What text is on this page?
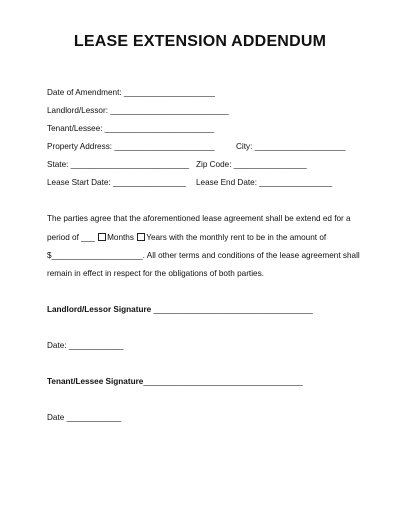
LEASE EXTENSION ADDENDUM
Date of Amendment: ____________________
Landlord/Lessor: __________________________
Tenant/Lessee: ________________________
Property Address: ______________________	City: ____________________
State: __________________________ Zip Code: ________________
Lease Start Date: ________________ Lease End Date: ________________
The parties agree that the aforementioned lease agreement shall be extend ed for a
period of ___ Months Years with the monthly rent to be in the amount of
$____________________. All other terms and conditions of the lease agreement shall
remain in effect in respect for the obligations of both parties.
Landlord/Lessor Signature ___________________________________
Date: ____________
Tenant/Lessee Signature___________________________________
Date ____________
